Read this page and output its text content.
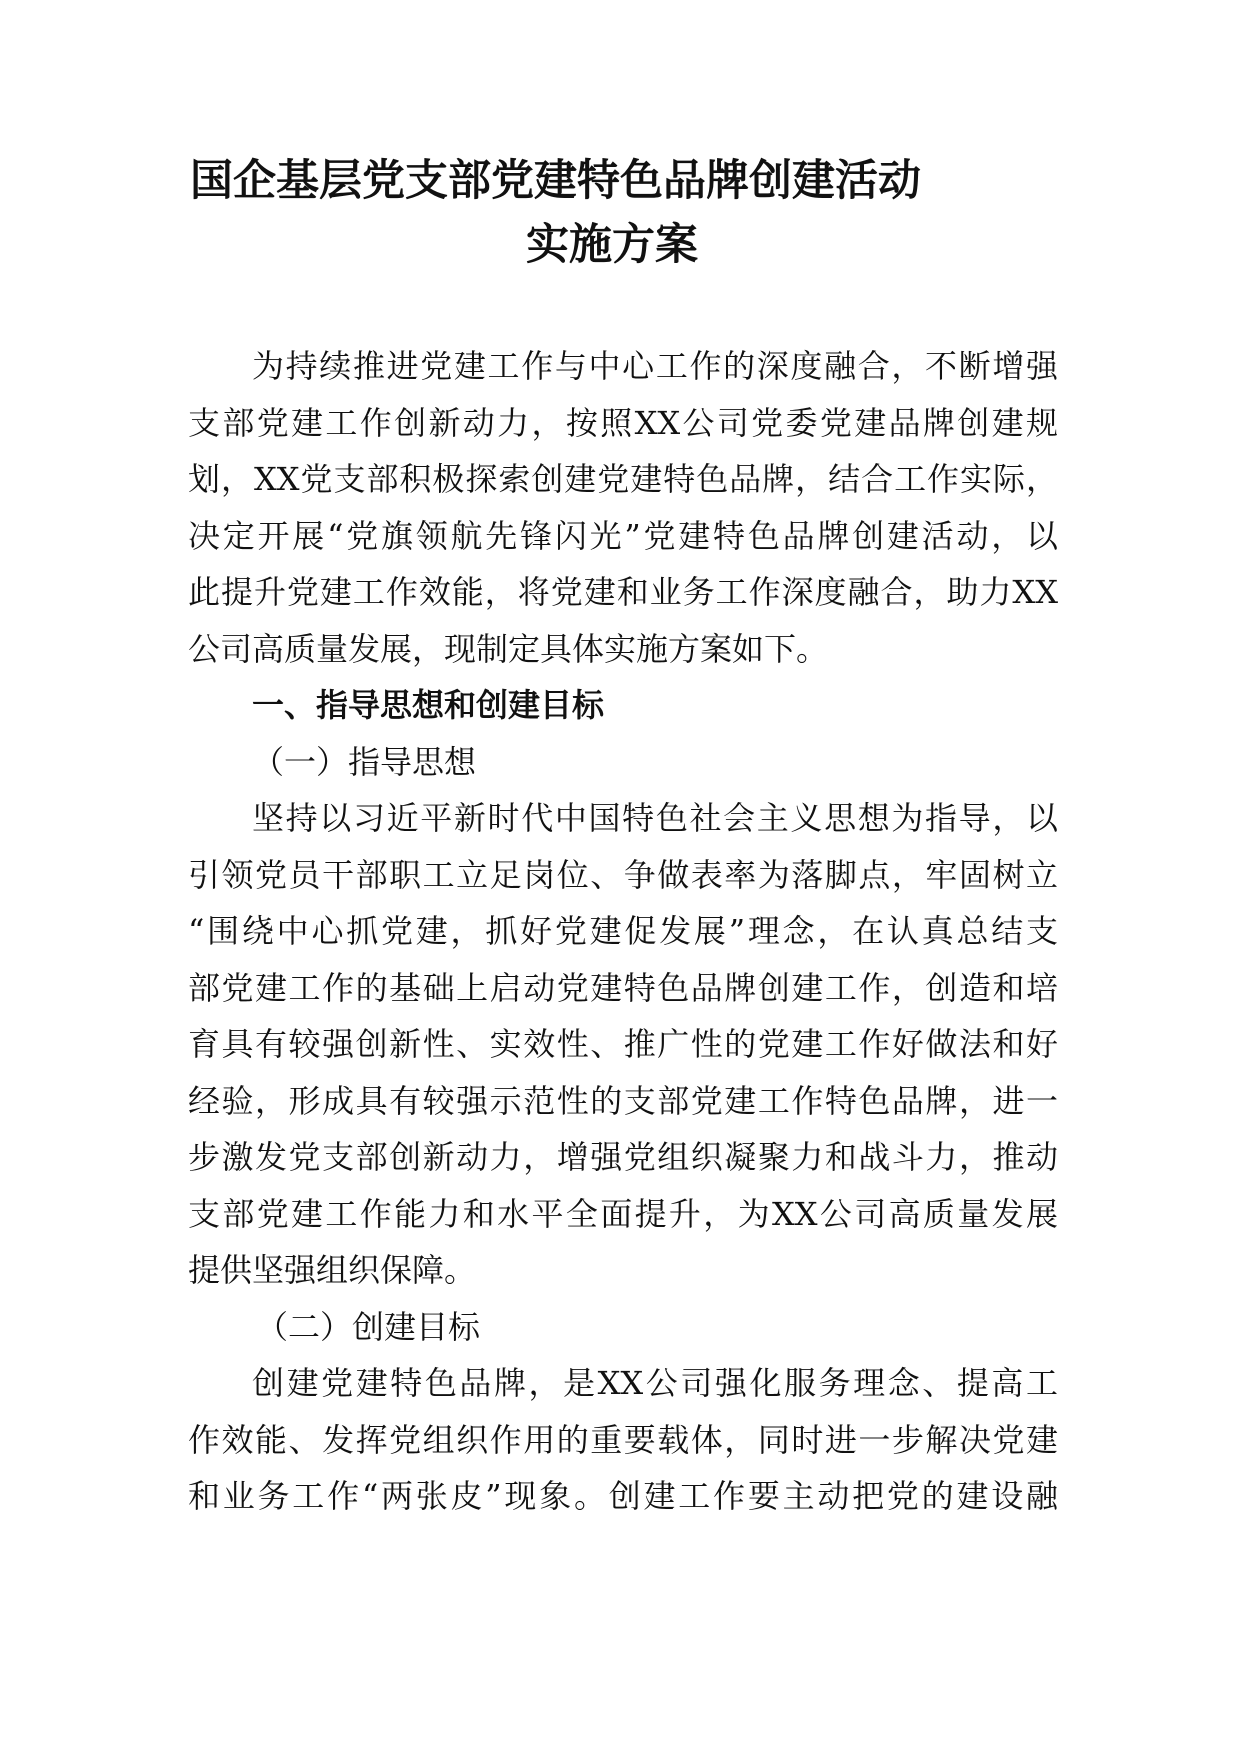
国企基层党支部党建特色品牌创建活动
实施方案
为持续推进党建工作与中心工作的深度融合，不断增强
支部党建工作创新动力，按照XX公司党委党建品牌创建规
划，XX党支部积极探索创建党建特色品牌，结合工作实际，
决定开展“党旗领航先锋闪光”党建特色品牌创建活动，以
此提升党建工作效能，将党建和业务工作深度融合，助力XX
公司高质量发展，现制定具体实施方案如下。
一、指导思想和创建目标
（一）指导思想
坚持以习近平新时代中国特色社会主义思想为指导，以
引领党员干部职工立足岗位、争做表率为落脚点，牢固树立
“围绕中心抓党建，抓好党建促发展”理念，在认真总结支
部党建工作的基础上启动党建特色品牌创建工作，创造和培
育具有较强创新性、实效性、推广性的党建工作好做法和好
经验，形成具有较强示范性的支部党建工作特色品牌，进一
步激发党支部创新动力，增强党组织凝聚力和战斗力，推动
支部党建工作能力和水平全面提升，为XX公司高质量发展
提供坚强组织保障。
（二）创建目标
创建党建特色品牌，是XX公司强化服务理念、提高工
作效能、发挥党组织作用的重要载体，同时进一步解决党建
和业务工作“两张皮”现象。创建工作要主动把党的建设融
